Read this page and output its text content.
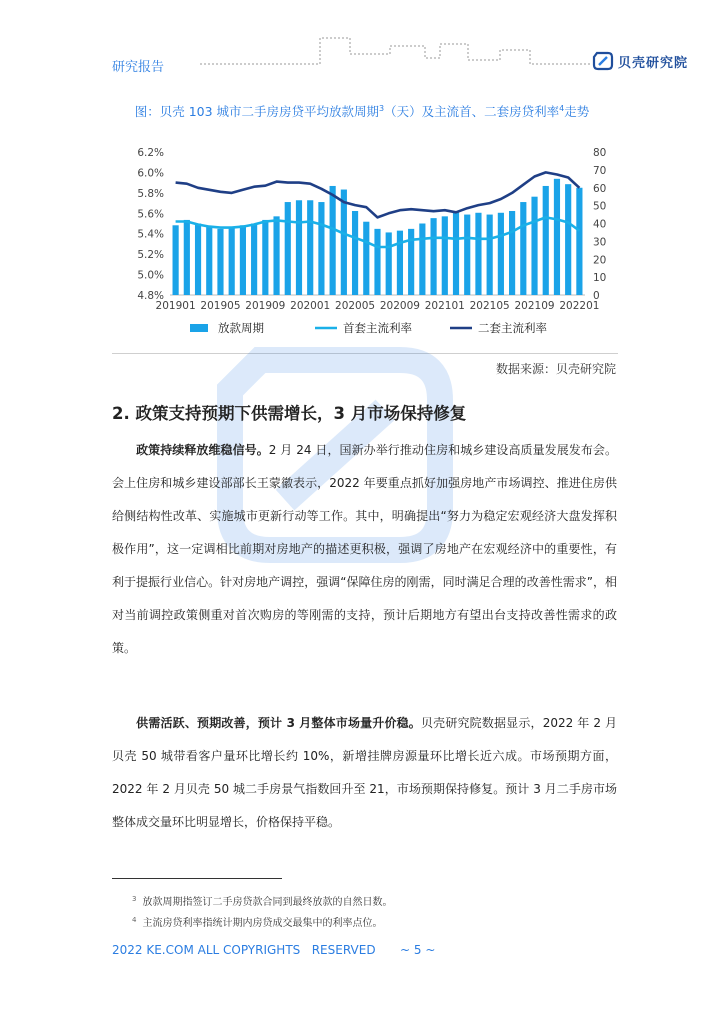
研究报告	贝壳研究院
图：贝壳 103 城市二手房房贷平均放款周期$^3$（天）及主流首、二套房贷利率$^4$走势
4.8%
5.0%
5.2%
5.4%
5.6%
5.8%
6.0%
6.2%
0
10
20
30
40
50
60
70
80
201901 201905 201909 202001 202005 202009 202101 202105 202109 202201
放款周期	首套主流利率	二套主流利率
数据来源：贝壳研究院
2. 政策支持预期下供需增长，3 月市场保持修复
政策持续释放维稳信号。2 月 24 日，国新办举行推动住房和城乡建设高质量发展发布会。会上住房和城乡建设部部长王蒙徽表示，2022 年要重点抓好加强房地产市场调控、推进住房供给侧结构性改革、实施城市更新行动等工作。其中，明确提出“努力为稳定宏观经济大盘发挥积极作用”，这一定调相比前期对房地产的描述更积极，强调了房地产在宏观经济中的重要性，有利于提振行业信心。针对房地产调控，强调“保障住房的刚需，同时满足合理的改善性需求”，相对当前调控政策侧重对首次购房的等刚需的支持，预计后期地方有望出台支持改善性需求的政策。
供需活跃、预期改善，预计 3 月整体市场量升价稳。贝壳研究院数据显示，2022 年 2 月贝壳 50 城带看客户量环比增长约 10%，新增挂牌房源量环比增长近六成。市场预期方面，2022 年 2 月贝壳 50 城二手房景气指数回升至 21，市场预期保持修复。预计 3 月二手房市场整体成交量环比明显增长，价格保持平稳。
$^3$ 放款周期指签订二手房贷款合同到最终放款的自然日数。
$^4$ 主流房贷利率指统计期内房贷成交最集中的利率点位。
2022 KE.COM ALL COPYRIGHTS   RESERVED ~ 5 ~
